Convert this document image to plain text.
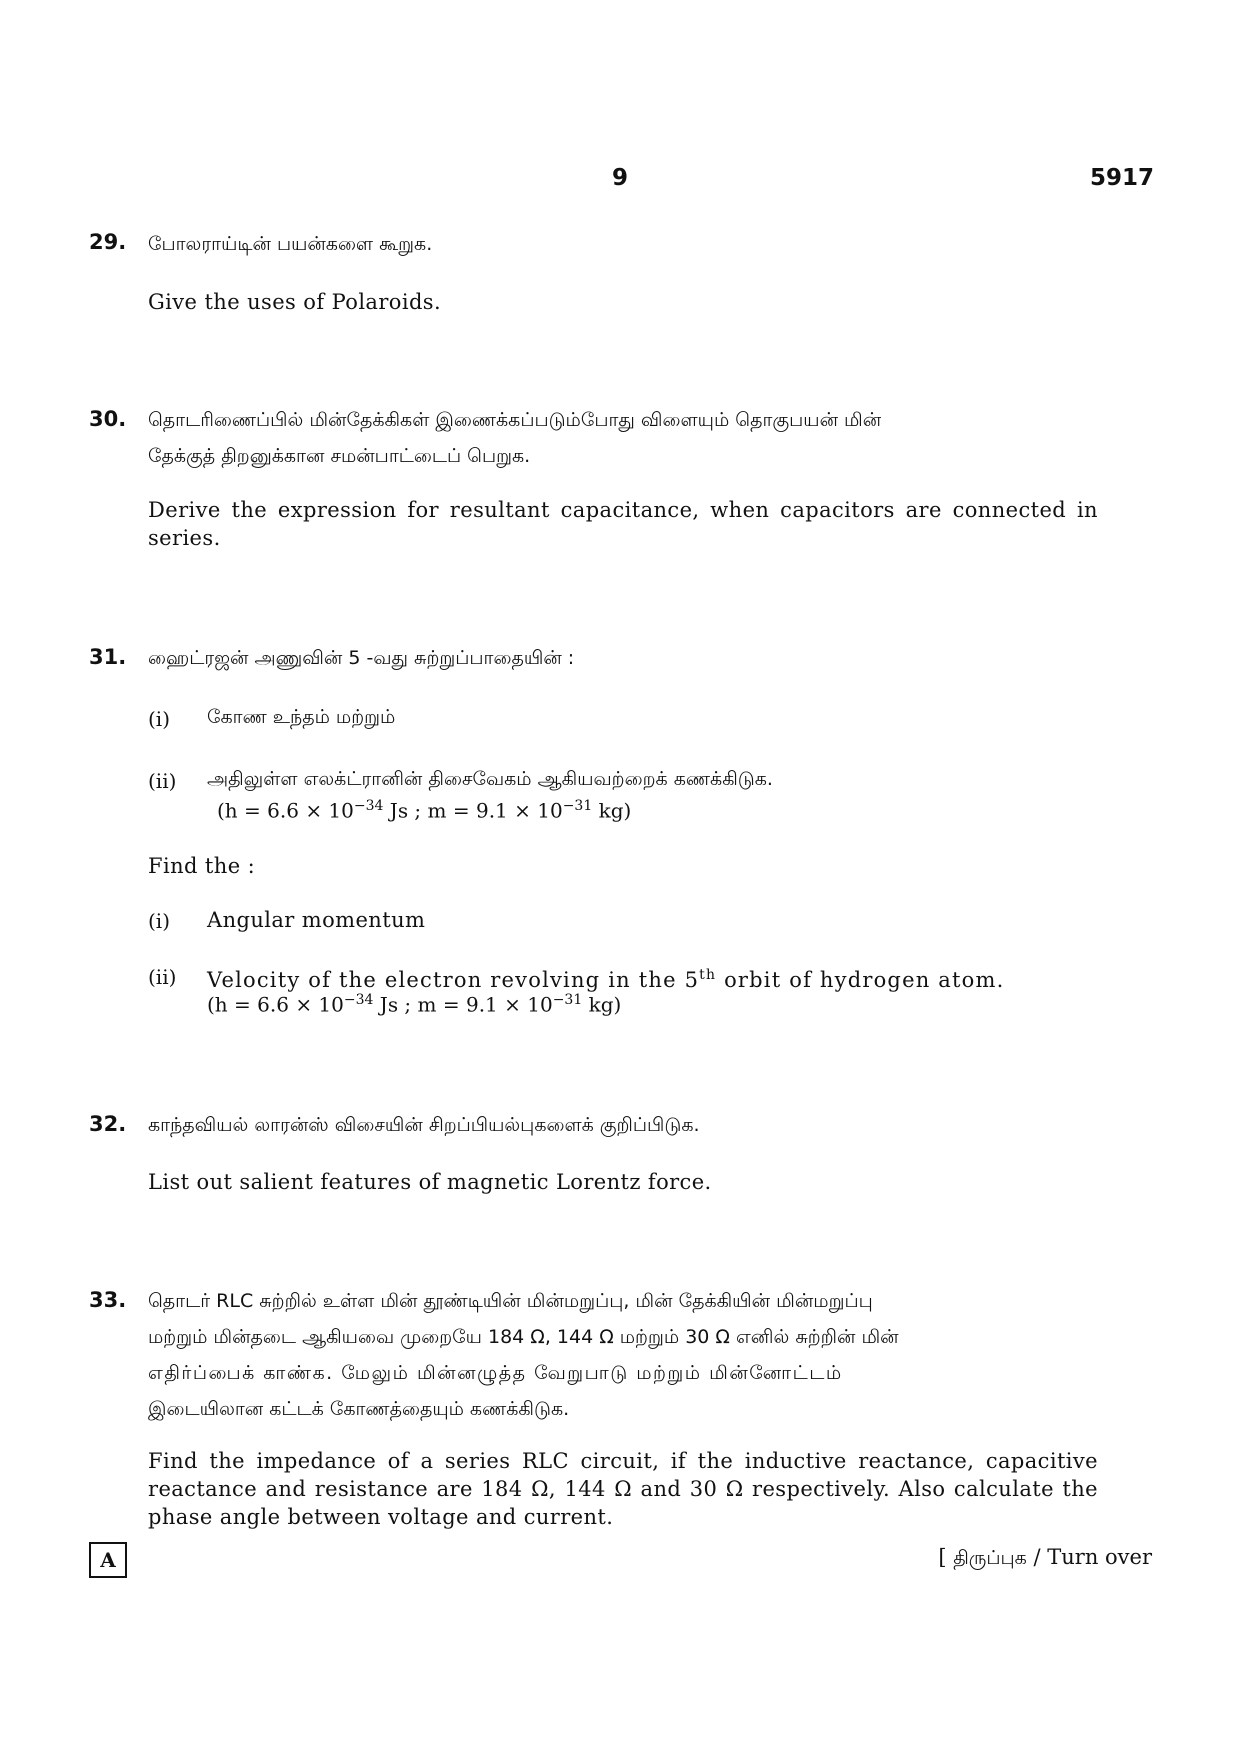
9	5917
29.	போலராய்டின் பயன்களை கூறுக.
Give the uses of Polaroids.
30.	தொடரிணைப்பில் மின்தேக்கிகள் இணைக்கப்படும்போது விளையும் தொகுபயன் மின்
தேக்குத் திறனுக்கான சமன்பாட்டைப் பெறுக.
Derive the expression for resultant capacitance, when capacitors are connected in series.
31.	ஹைட்ரஜன் அணுவின் 5 -வது சுற்றுப்பாதையின் :
(i) கோண உந்தம் மற்றும்
(ii) அதிலுள்ள எலக்ட்ரானின் திசைவேகம் ஆகியவற்றைக் கணக்கிடுக.
($h = 6.6 \times 10^{-34}$ Js ; $m = 9.1 \times 10^{-31}$ kg)
Find the :
(i) Angular momentum
(ii) Velocity of the electron revolving in the 5th orbit of hydrogen atom.
($h = 6.6 \times 10^{-34}$ Js ; $m = 9.1 \times 10^{-31}$ kg)
32.	காந்தவியல் லாரன்ஸ் விசையின் சிறப்பியல்புகளைக் குறிப்பிடுக.
List out salient features of magnetic Lorentz force.
33.	தொடர் RLC சுற்றில் உள்ள மின் தூண்டியின் மின்மறுப்பு, மின் தேக்கியின் மின்மறுப்பு
மற்றும் மின்தடை ஆகியவை முறையே 184 Ω, 144 Ω மற்றும் 30 Ω எனில் சுற்றின் மின்
எதிர்ப்பைக் காண்க. மேலும் மின்னழுத்த வேறுபாடு மற்றும் மின்னோட்டம்
இடையிலான கட்டக் கோணத்தையும் கணக்கிடுக.
Find the impedance of a series RLC circuit, if the inductive reactance, capacitive reactance and resistance are 184 Ω, 144 Ω and 30 Ω respectively. Also calculate the phase angle between voltage and current.
A	[ திருப்புக / Turn over
